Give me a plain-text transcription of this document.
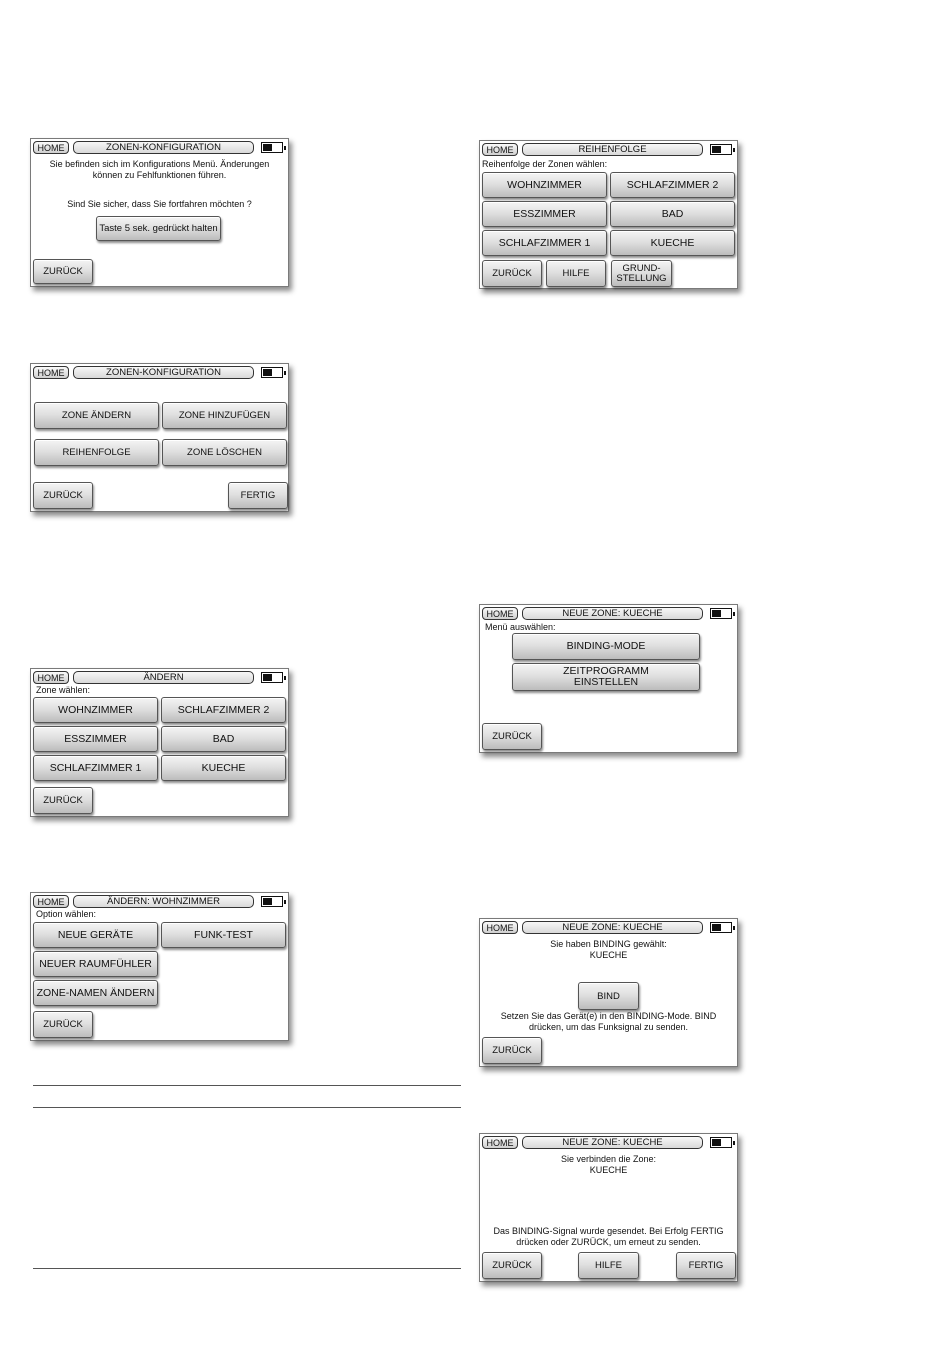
HOME	ZONEN-KONFIGURATION
Sie befinden sich im Konfigurations Menü. Änderungen
können zu Fehlfunktionen führen.
Sind Sie sicher, dass Sie fortfahren möchten ?
Taste 5 sek. gedrückt halten
ZURÜCK
HOME	ZONEN-KONFIGURATION
ZONE ÄNDERN	ZONE HINZUFÜGEN
REIHENFOLGE	ZONE LÖSCHEN
ZURÜCK	FERTIG
HOME	ÄNDERN
Zone wählen:
WOHNZIMMER	SCHLAFZIMMER 2
ESSZIMMER	BAD
SCHLAFZIMMER 1	KUECHE
ZURÜCK
HOME	ÄNDERN: WOHNZIMMER
Option wählen:
NEUE GERÄTE	FUNK-TEST
NEUER RAUMFÜHLER
ZONE-NAMEN ÄNDERN
ZURÜCK
HOME	REIHENFOLGE
Reihenfolge der Zonen wählen:
WOHNZIMMER	SCHLAFZIMMER 2
ESSZIMMER	BAD
SCHLAFZIMMER 1	KUECHE
ZURÜCK	HILFE	GRUND-
STELLUNG
HOME	NEUE ZONE: KUECHE
Menü auswählen:
BINDING-MODE
ZEITPROGRAMM
EINSTELLEN
ZURÜCK
HOME	NEUE ZONE: KUECHE
Sie haben BINDING gewählt:
KUECHE
BIND
Setzen Sie das Gerät(e) in den BINDING-Mode. BIND
drücken, um das Funksignal zu senden.
ZURÜCK
HOME	NEUE ZONE: KUECHE
Sie verbinden die Zone:
KUECHE
Das BINDING-Signal wurde gesendet. Bei Erfolg FERTIG
drücken oder ZURÜCK, um erneut zu senden.
ZURÜCK	HILFE	FERTIG
